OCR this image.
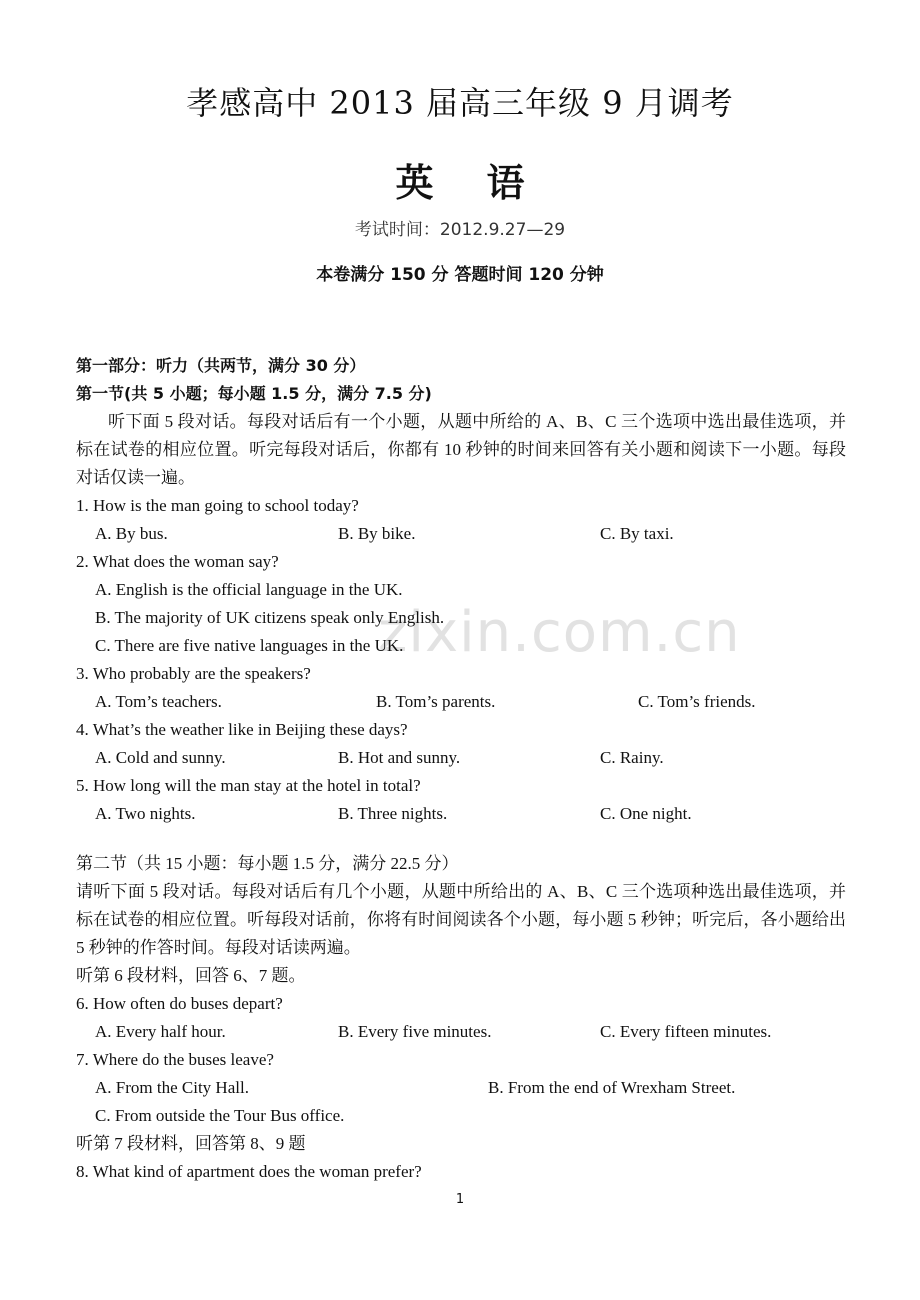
zixin.com.cn
孝感高中 2013 届高三年级 9 月调考
英    语
考试时间：2012.9.27—29
本卷满分 150 分 答题时间 120 分钟
第一部分：听力（共两节，满分 30 分）
第一节(共 5 小题；每小题 1.5 分，满分 7.5 分)
听下面 5 段对话。每段对话后有一个小题，从题中所给的 A、B、C 三个选项中选出最佳选项，并标在试卷的相应位置。听完每段对话后，你都有 10 秒钟的时间来回答有关小题和阅读下一小题。每段对话仅读一遍。
1. How is the man going to school today?
A. By bus.	B. By bike.	C. By taxi.
2. What does the woman say?
A. English is the official language in the UK.
B. The majority of UK citizens speak only English.
C. There are five native languages in the UK.
3. Who probably are the speakers?
A. Tom’s teachers.	B. Tom’s parents.	C. Tom’s friends.
4. What’s the weather like in Beijing these days?
A. Cold and sunny.	B. Hot and sunny.	C. Rainy.
5. How long will the man stay at the hotel in total?
A. Two nights.	B. Three nights.	C. One night.
第二节（共 15 小题：每小题 1.5 分，满分 22.5 分）
请听下面 5 段对话。每段对话后有几个小题，从题中所给出的 A、B、C 三个选项种选出最佳选项，并标在试卷的相应位置。听每段对话前，你将有时间阅读各个小题，每小题 5 秒钟；听完后，各小题给出 5 秒钟的作答时间。每段对话读两遍。
听第 6 段材料，回答 6、7 题。
6. How often do buses depart?
A. Every half hour.	B. Every five minutes.	C. Every fifteen minutes.
7. Where do the buses leave?
A. From the City Hall.	B. From the end of Wrexham Street.
C. From outside the Tour Bus office.
听第 7 段材料，回答第 8、9 题
8. What kind of apartment does the woman prefer?
1
